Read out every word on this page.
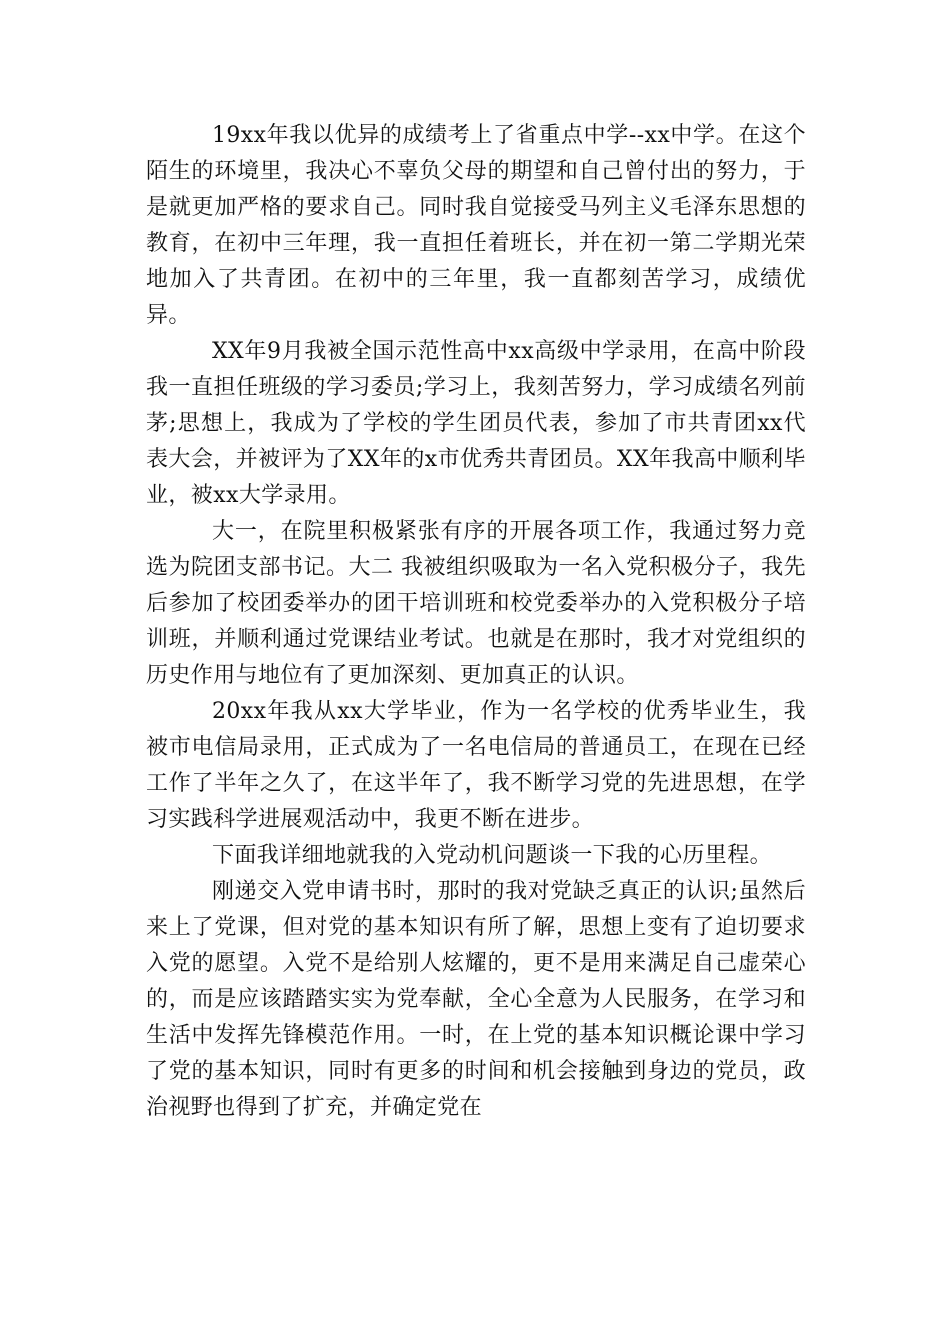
19xx年我以优异的成绩考上了省重点中学--xx中学。在这个陌生的环境里，我决心不辜负父母的期望和自己曾付出的努力，于是就更加严格的要求自己。同时我自觉接受马列主义毛泽东思想的教育，在初中三年理，我一直担任着班长，并在初一第二学期光荣地加入了共青团。在初中的三年里，我一直都刻苦学习，成绩优异。

XX年9月我被全国示范性高中xx高级中学录用，在高中阶段我一直担任班级的学习委员;学习上，我刻苦努力，学习成绩名列前茅;思想上，我成为了学校的学生团员代表，参加了市共青团xx代表大会，并被评为了XX年的x市优秀共青团员。XX年我高中顺利毕业，被xx大学录用。

大一，在院里积极紧张有序的开展各项工作，我通过努力竞选为院团支部书记。大二 我被组织吸取为一名入党积极分子，我先后参加了校团委举办的团干培训班和校党委举办的入党积极分子培训班，并顺利通过党课结业考试。也就是在那时，我才对党组织的历史作用与地位有了更加深刻、更加真正的认识。

20xx年我从xx大学毕业，作为一名学校的优秀毕业生，我被市电信局录用，正式成为了一名电信局的普通员工，在现在已经工作了半年之久了，在这半年了，我不断学习党的先进思想，在学习实践科学进展观活动中，我更不断在进步。

下面我详细地就我的入党动机问题谈一下我的心历里程。

刚递交入党申请书时，那时的我对党缺乏真正的认识;虽然后来上了党课，但对党的基本知识有所了解，思想上变有了迫切要求入党的愿望。入党不是给别人炫耀的，更不是用来满足自己虚荣心的，而是应该踏踏实实为党奉献，全心全意为人民服务，在学习和生活中发挥先锋模范作用。一时，在上党的基本知识概论课中学习了党的基本知识，同时有更多的时间和机会接触到身边的党员，政治视野也得到了扩充，并确定党在
